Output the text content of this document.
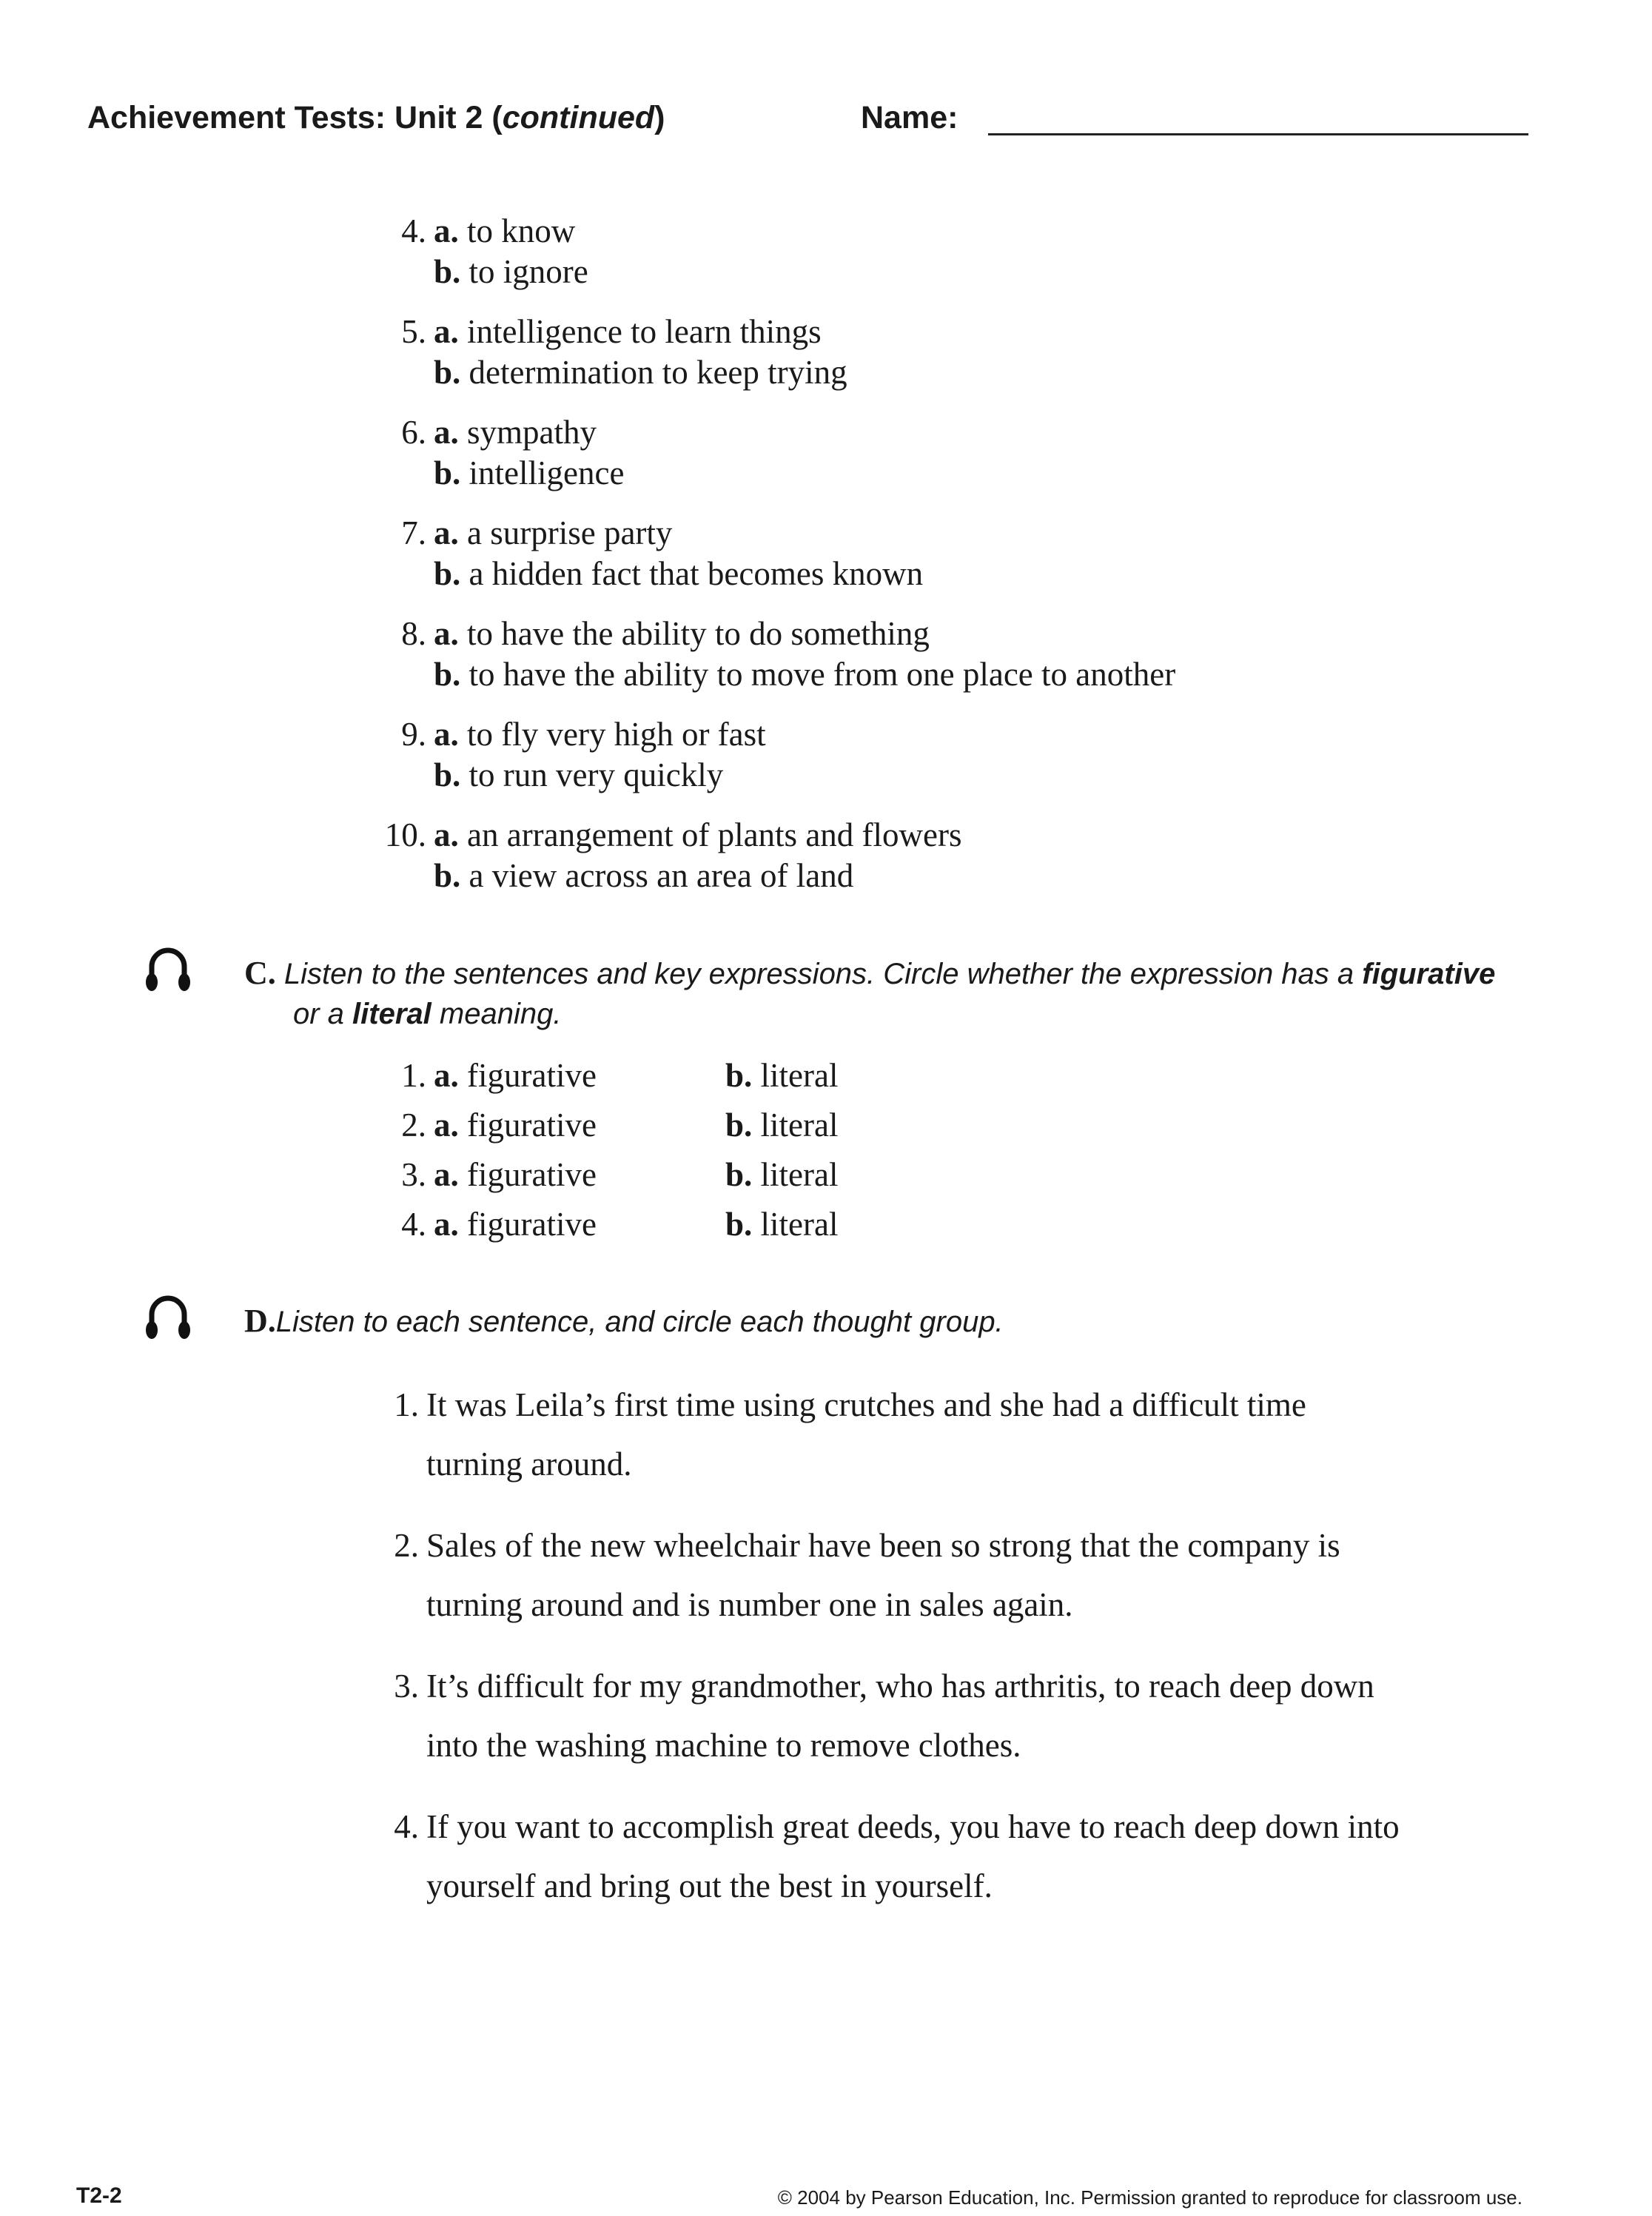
Achievement Tests: Unit 2 (continued)	Name:
4. a. to know
b. to ignore
5. a. intelligence to learn things
b. determination to keep trying
6. a. sympathy
b. intelligence
7. a. a surprise party
b. a hidden fact that becomes known
8. a. to have the ability to do something
b. to have the ability to move from one place to another
9. a. to fly very high or fast
b. to run very quickly
10. a. an arrangement of plants and flowers
b. a view across an area of land
C. Listen to the sentences and key expressions. Circle whether the expression has a figurative
or a literal meaning.
1. a. figurative	b. literal
2. a. figurative	b. literal
3. a. figurative	b. literal
4. a. figurative	b. literal
D.Listen to each sentence, and circle each thought group.
1. It was Leila’s first time using crutches and she had a difficult time
turning around.
2. Sales of the new wheelchair have been so strong that the company is
turning around and is number one in sales again.
3. It’s difficult for my grandmother, who has arthritis, to reach deep down
into the washing machine to remove clothes.
4. If you want to accomplish great deeds, you have to reach deep down into
yourself and bring out the best in yourself.
T2-2	© 2004 by Pearson Education, Inc. Permission granted to reproduce for classroom use.
